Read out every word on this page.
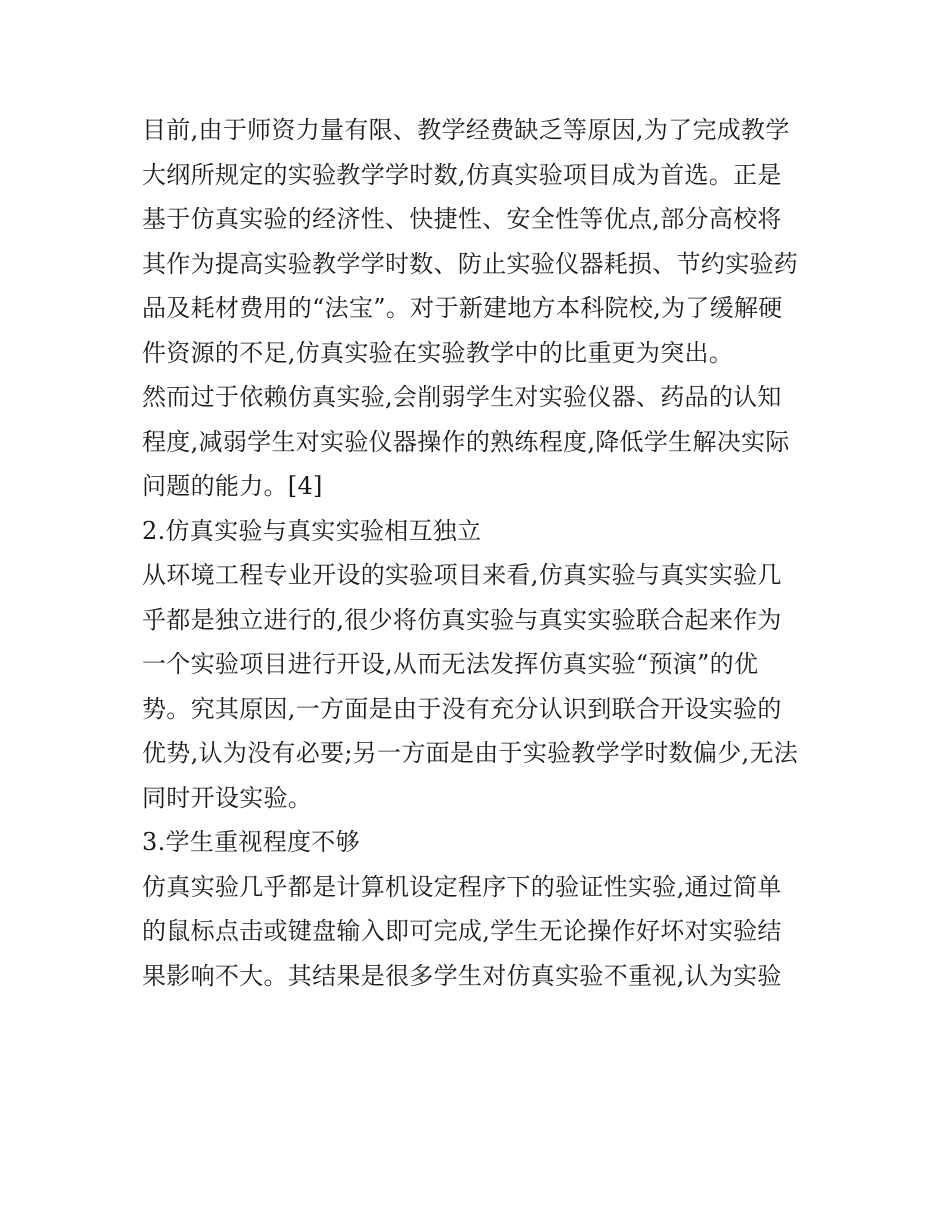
目前,由于师资力量有限、教学经费缺乏等原因,为了完成教学
大纲所规定的实验教学学时数,仿真实验项目成为首选。正是
基于仿真实验的经济性、快捷性、安全性等优点,部分高校将
其作为提高实验教学学时数、防止实验仪器耗损、节约实验药
品及耗材费用的“法宝”。对于新建地方本科院校,为了缓解硬
件资源的不足,仿真实验在实验教学中的比重更为突出。
然而过于依赖仿真实验,会削弱学生对实验仪器、药品的认知
程度,减弱学生对实验仪器操作的熟练程度,降低学生解决实际
问题的能力。[4]
2.仿真实验与真实实验相互独立
从环境工程专业开设的实验项目来看,仿真实验与真实实验几
乎都是独立进行的,很少将仿真实验与真实实验联合起来作为
一个实验项目进行开设,从而无法发挥仿真实验“预演”的优
势。究其原因,一方面是由于没有充分认识到联合开设实验的
优势,认为没有必要;另一方面是由于实验教学学时数偏少,无法
同时开设实验。
3.学生重视程度不够
仿真实验几乎都是计算机设定程序下的验证性实验,通过简单
的鼠标点击或键盘输入即可完成,学生无论操作好坏对实验结
果影响不大。其结果是很多学生对仿真实验不重视,认为实验
